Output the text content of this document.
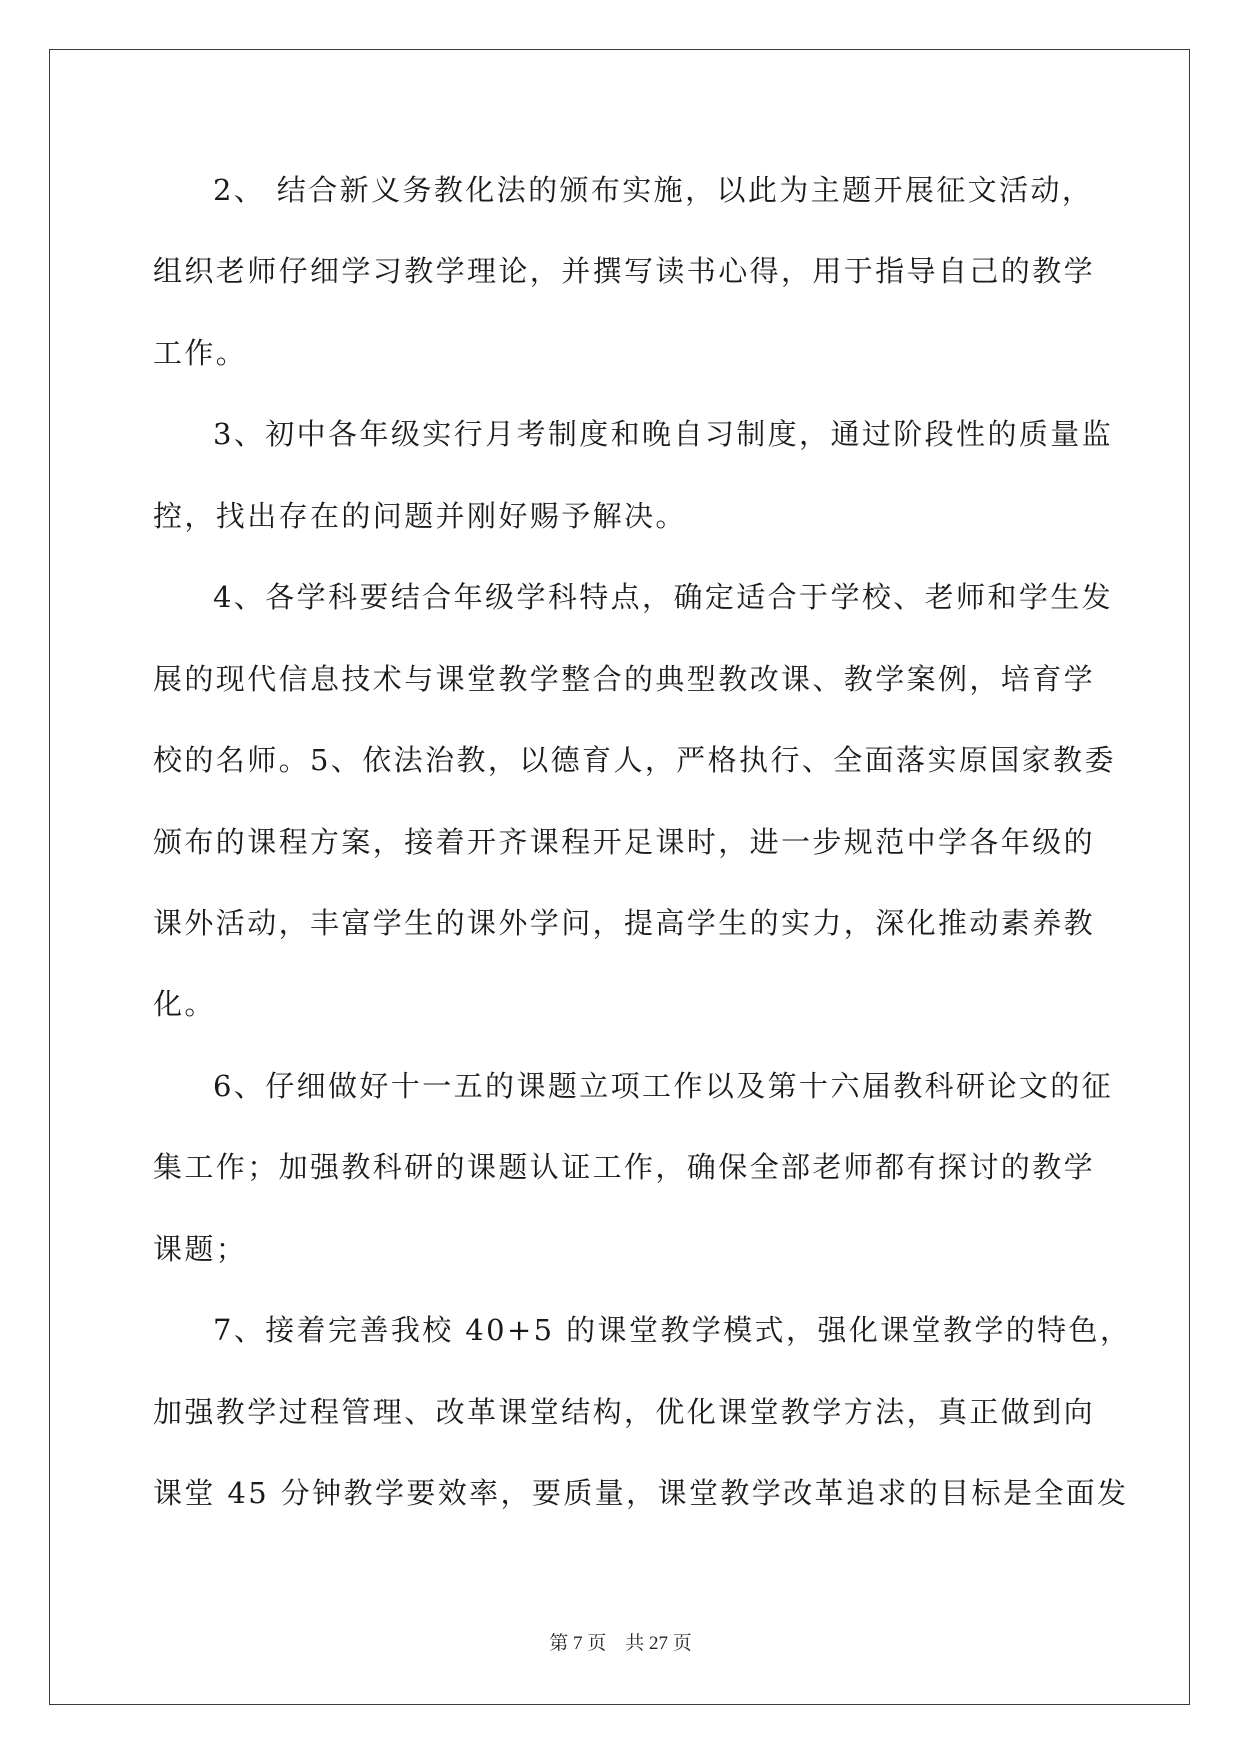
2、 结合新义务教化法的颁布实施，以此为主题开展征文活动，
组织老师仔细学习教学理论，并撰写读书心得，用于指导自己的教学
工作。
3、初中各年级实行月考制度和晚自习制度，通过阶段性的质量监
控，找出存在的问题并刚好赐予解决。
4、各学科要结合年级学科特点，确定适合于学校、老师和学生发
展的现代信息技术与课堂教学整合的典型教改课、教学案例，培育学
校的名师。5、依法治教，以德育人，严格执行、全面落实原国家教委
颁布的课程方案，接着开齐课程开足课时，进一步规范中学各年级的
课外活动，丰富学生的课外学问，提高学生的实力，深化推动素养教
化。
6、仔细做好十一五的课题立项工作以及第十六届教科研论文的征
集工作；加强教科研的课题认证工作，确保全部老师都有探讨的教学
课题；
7、接着完善我校 40+5 的课堂教学模式，强化课堂教学的特色，
加强教学过程管理、改革课堂结构，优化课堂教学方法，真正做到向
课堂 45 分钟教学要效率，要质量，课堂教学改革追求的目标是全面发
第 7 页    共 27 页
